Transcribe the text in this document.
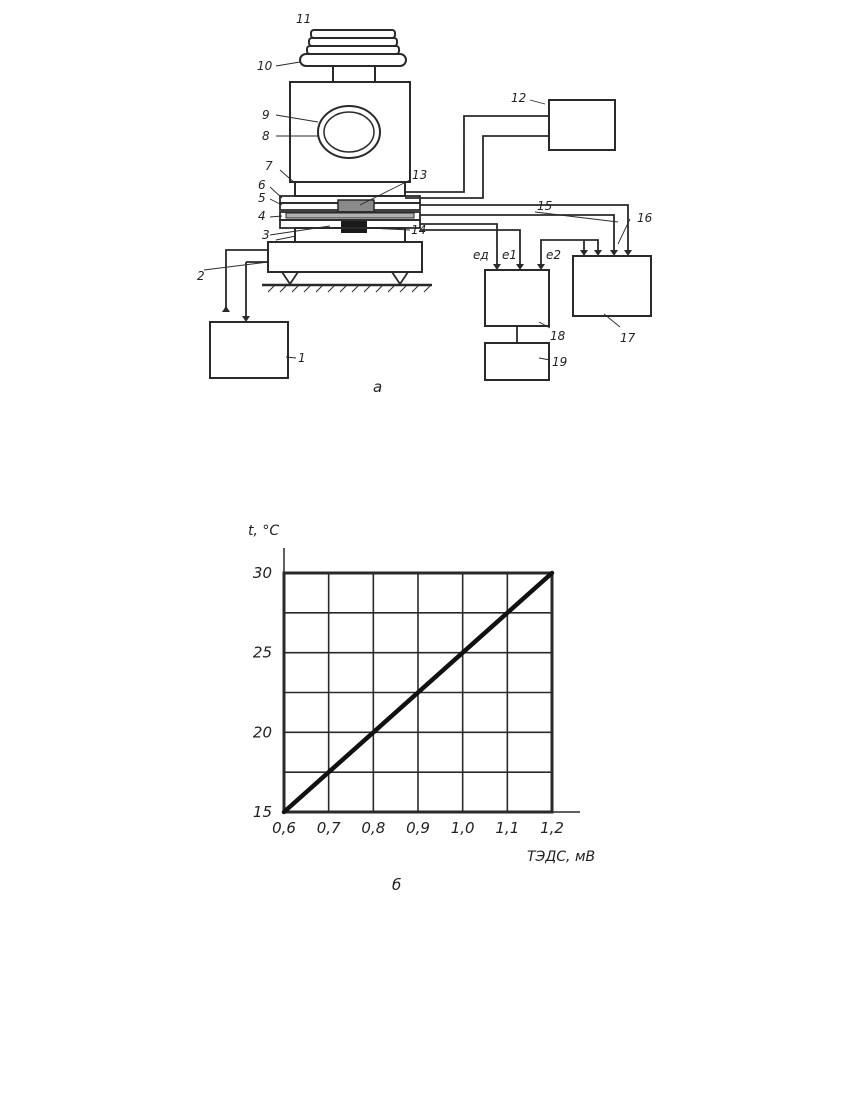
11
10
9
8
7
6
5
4
3
2
1
13
14
12
15
16
17
18
19
eд e1 e2
а
0,6 0,7 0,8 0,9 1,0 1,1 1,2
15
20
25
30
t, °C
ТЭДС, мВ
б
